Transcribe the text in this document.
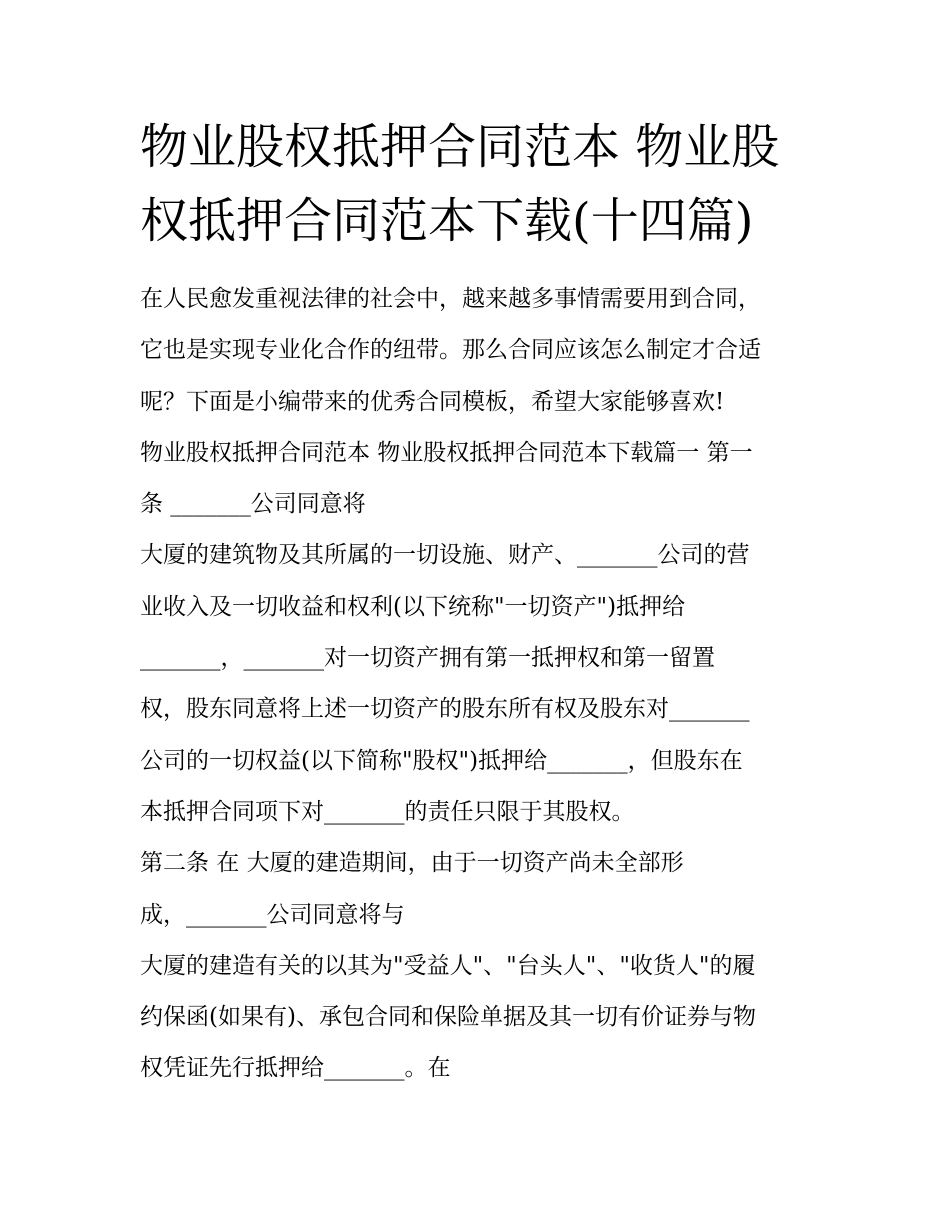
物业股权抵押合同范本 物业股
权抵押合同范本下载(十四篇)
在人民愈发重视法律的社会中，越来越多事情需要用到合同，
它也是实现专业化合作的纽带。那么合同应该怎么制定才合适
呢？下面是小编带来的优秀合同模板，希望大家能够喜欢!
物业股权抵押合同范本 物业股权抵押合同范本下载篇一 第一
条 _______公司同意将
大厦的建筑物及其所属的一切设施、财产、_______公司的营
业收入及一切收益和权利(以下统称"一切资产")抵押给
_______，_______对一切资产拥有第一抵押权和第一留置
权，股东同意将上述一切资产的股东所有权及股东对_______
公司的一切权益(以下简称"股权")抵押给_______，但股东在
本抵押合同项下对_______的责任只限于其股权。
第二条 在 大厦的建造期间，由于一切资产尚未全部形
成，_______公司同意将与
大厦的建造有关的以其为"受益人"、"台头人"、"收货人"的履
约保函(如果有)、承包合同和保险单据及其一切有价证券与物
权凭证先行抵押给_______。在
